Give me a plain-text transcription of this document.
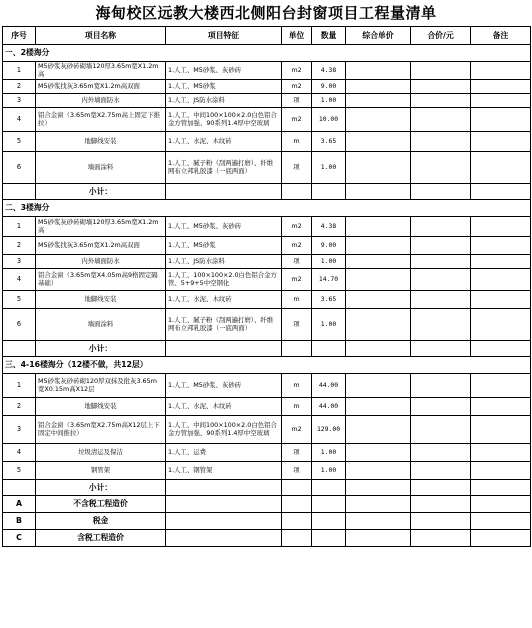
海甸校区远教大楼西北侧阳台封窗项目工程量清单
序号	项目名称	项目特征	单位	数量	综合单价	合价/元	备注
一、2楼海分							
1	M5砂浆灰砂砖砌墙120厚3.65m宽X1.2m高	1.人工、M5砂浆、灰砂砖	m2	4.38			
2	M5砂浆找灰3.65m宽X1.2m高双面	1.人工、M5砂浆	m2	9.00			
3	内外墙面防水	1.人工、JS防水涂料	项	1.00			
4	铝合金窗（3.65m宽X2.75m高上固定下推拉）	1.人工、中间100×100×2.0白色铝合金方管加强、90系列1.4厚中空玻璃	m2	10.00			
5	地脚线安装	1.人工、水泥、木纹砖	m	3.65			
6	墙面涂料	1.人工、腻子粉（刮两遍打磨）、纤维网布立邦乳胶漆（一底两面）	项	1.00			
	小计：						
二、3楼海分							
1	M5砂浆灰砂砖砌墙120厚3.65m宽X1.2m高	1.人工、M5砂浆、灰砂砖	m2	4.38			
2	M5砂浆找灰3.65m宽X1.2m高双面	1.人工、M5砂浆	m2	9.00			
3	内外墙面防水	1.人工、JS防水涂料	项	1.00			
4	铝合金窗（3.65m宽X4.05m高9格固定隔基础）	1.人工、100×100×2.0白色铝合金方管、5+9+5中空钢化	m2	14.70			
5	地脚线安装	1.人工、水泥、木纹砖	m	3.65			
6	墙面涂料	1.人工、腻子粉（刮两遍打磨）、纤维网布立邦乳胶漆（一底两面）	项	1.00			
	小计：						
三、4-16楼海分（12楼不做，共12层）							
1	M5砂浆灰砂砖砌120厚双抹及批灰3.65m宽X0.15m高X12层	1.人工、M5砂浆、灰砂砖	m	44.00			
2	地脚线安装	1.人工、水泥、木纹砖	m	44.00			
3	铝合金窗（3.65m宽X2.75m高X12层上下固定中间推拉）	1.人工、中间100×100×2.0白色铝合金方管加强、90系列1.4厚中空玻璃	m2	129.00			
4	垃圾清运及保洁	1.人工、运费	项	1.00			
5	钢管架	1.人工、钢管架	项	1.00			
	小计：						
A	不含税工程造价						
B	税金						
C	含税工程造价						
